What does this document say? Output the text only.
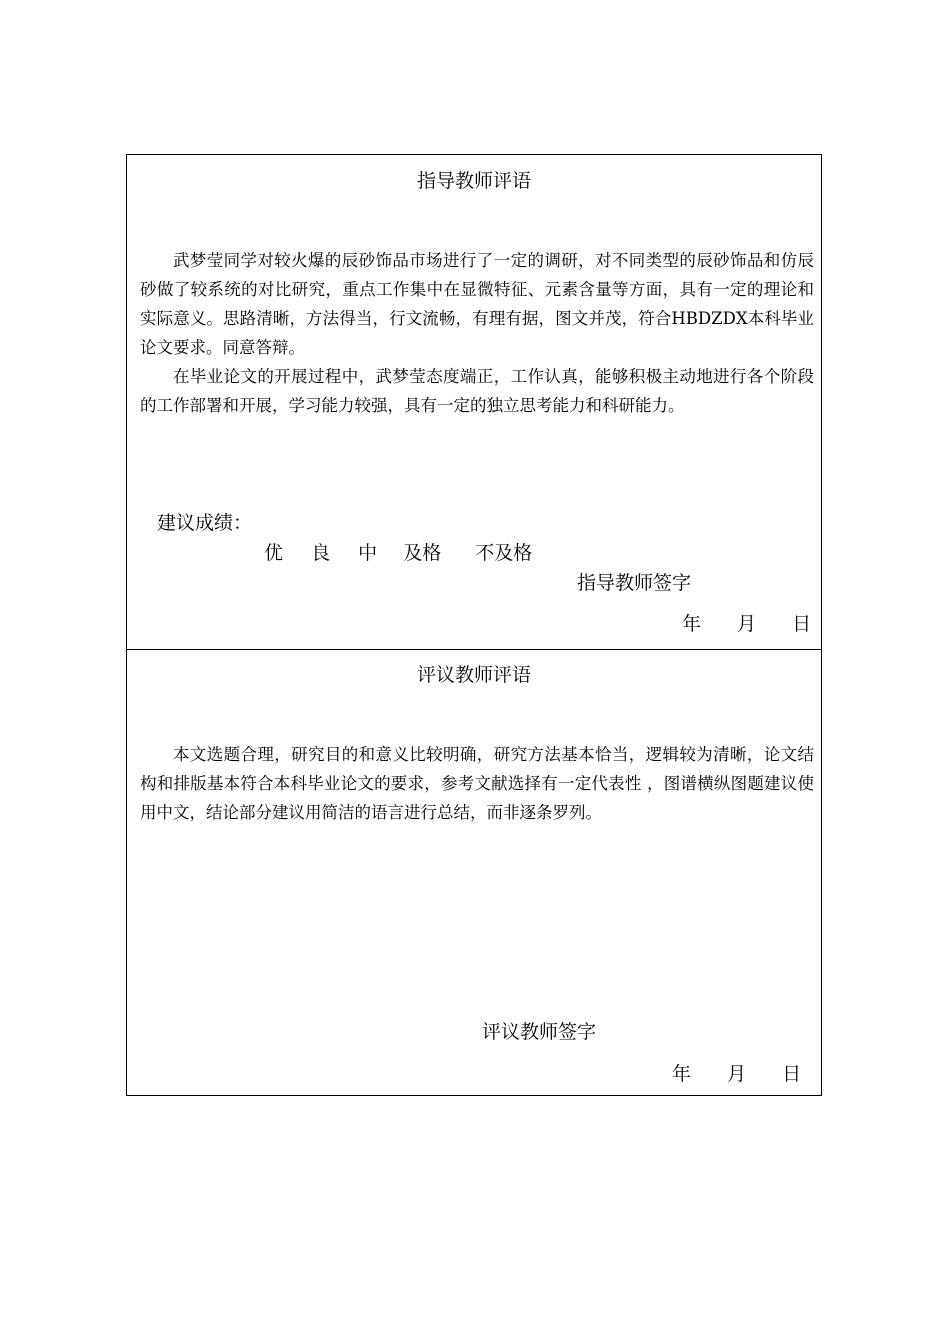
指导教师评语

武梦莹同学对较火爆的辰砂饰品市场进行了一定的调研，对不同类型的辰砂饰品和仿辰砂做了较系统的对比研究，重点工作集中在显微特征、元素含量等方面，具有一定的理论和实际意义。思路清晰，方法得当，行文流畅，有理有据，图文并茂，符合HBDZDX本科毕业论文要求。同意答辩。

在毕业论文的开展过程中，武梦莹态度端正，工作认真，能够积极主动地进行各个阶段的工作部署和开展，学习能力较强，具有一定的独立思考能力和科研能力。

建议成绩：
优 良 中 及格 不及格
指导教师签字
年 月 日
评议教师评语

本文选题合理，研究目的和意义比较明确，研究方法基本恰当，逻辑较为清晰，论文结构和排版基本符合本科毕业论文的要求，参考文献选择有一定代表性 ，图谱横纵图题建议使用中文，结论部分建议用简洁的语言进行总结，而非逐条罗列。

评议教师签字
年 月 日
